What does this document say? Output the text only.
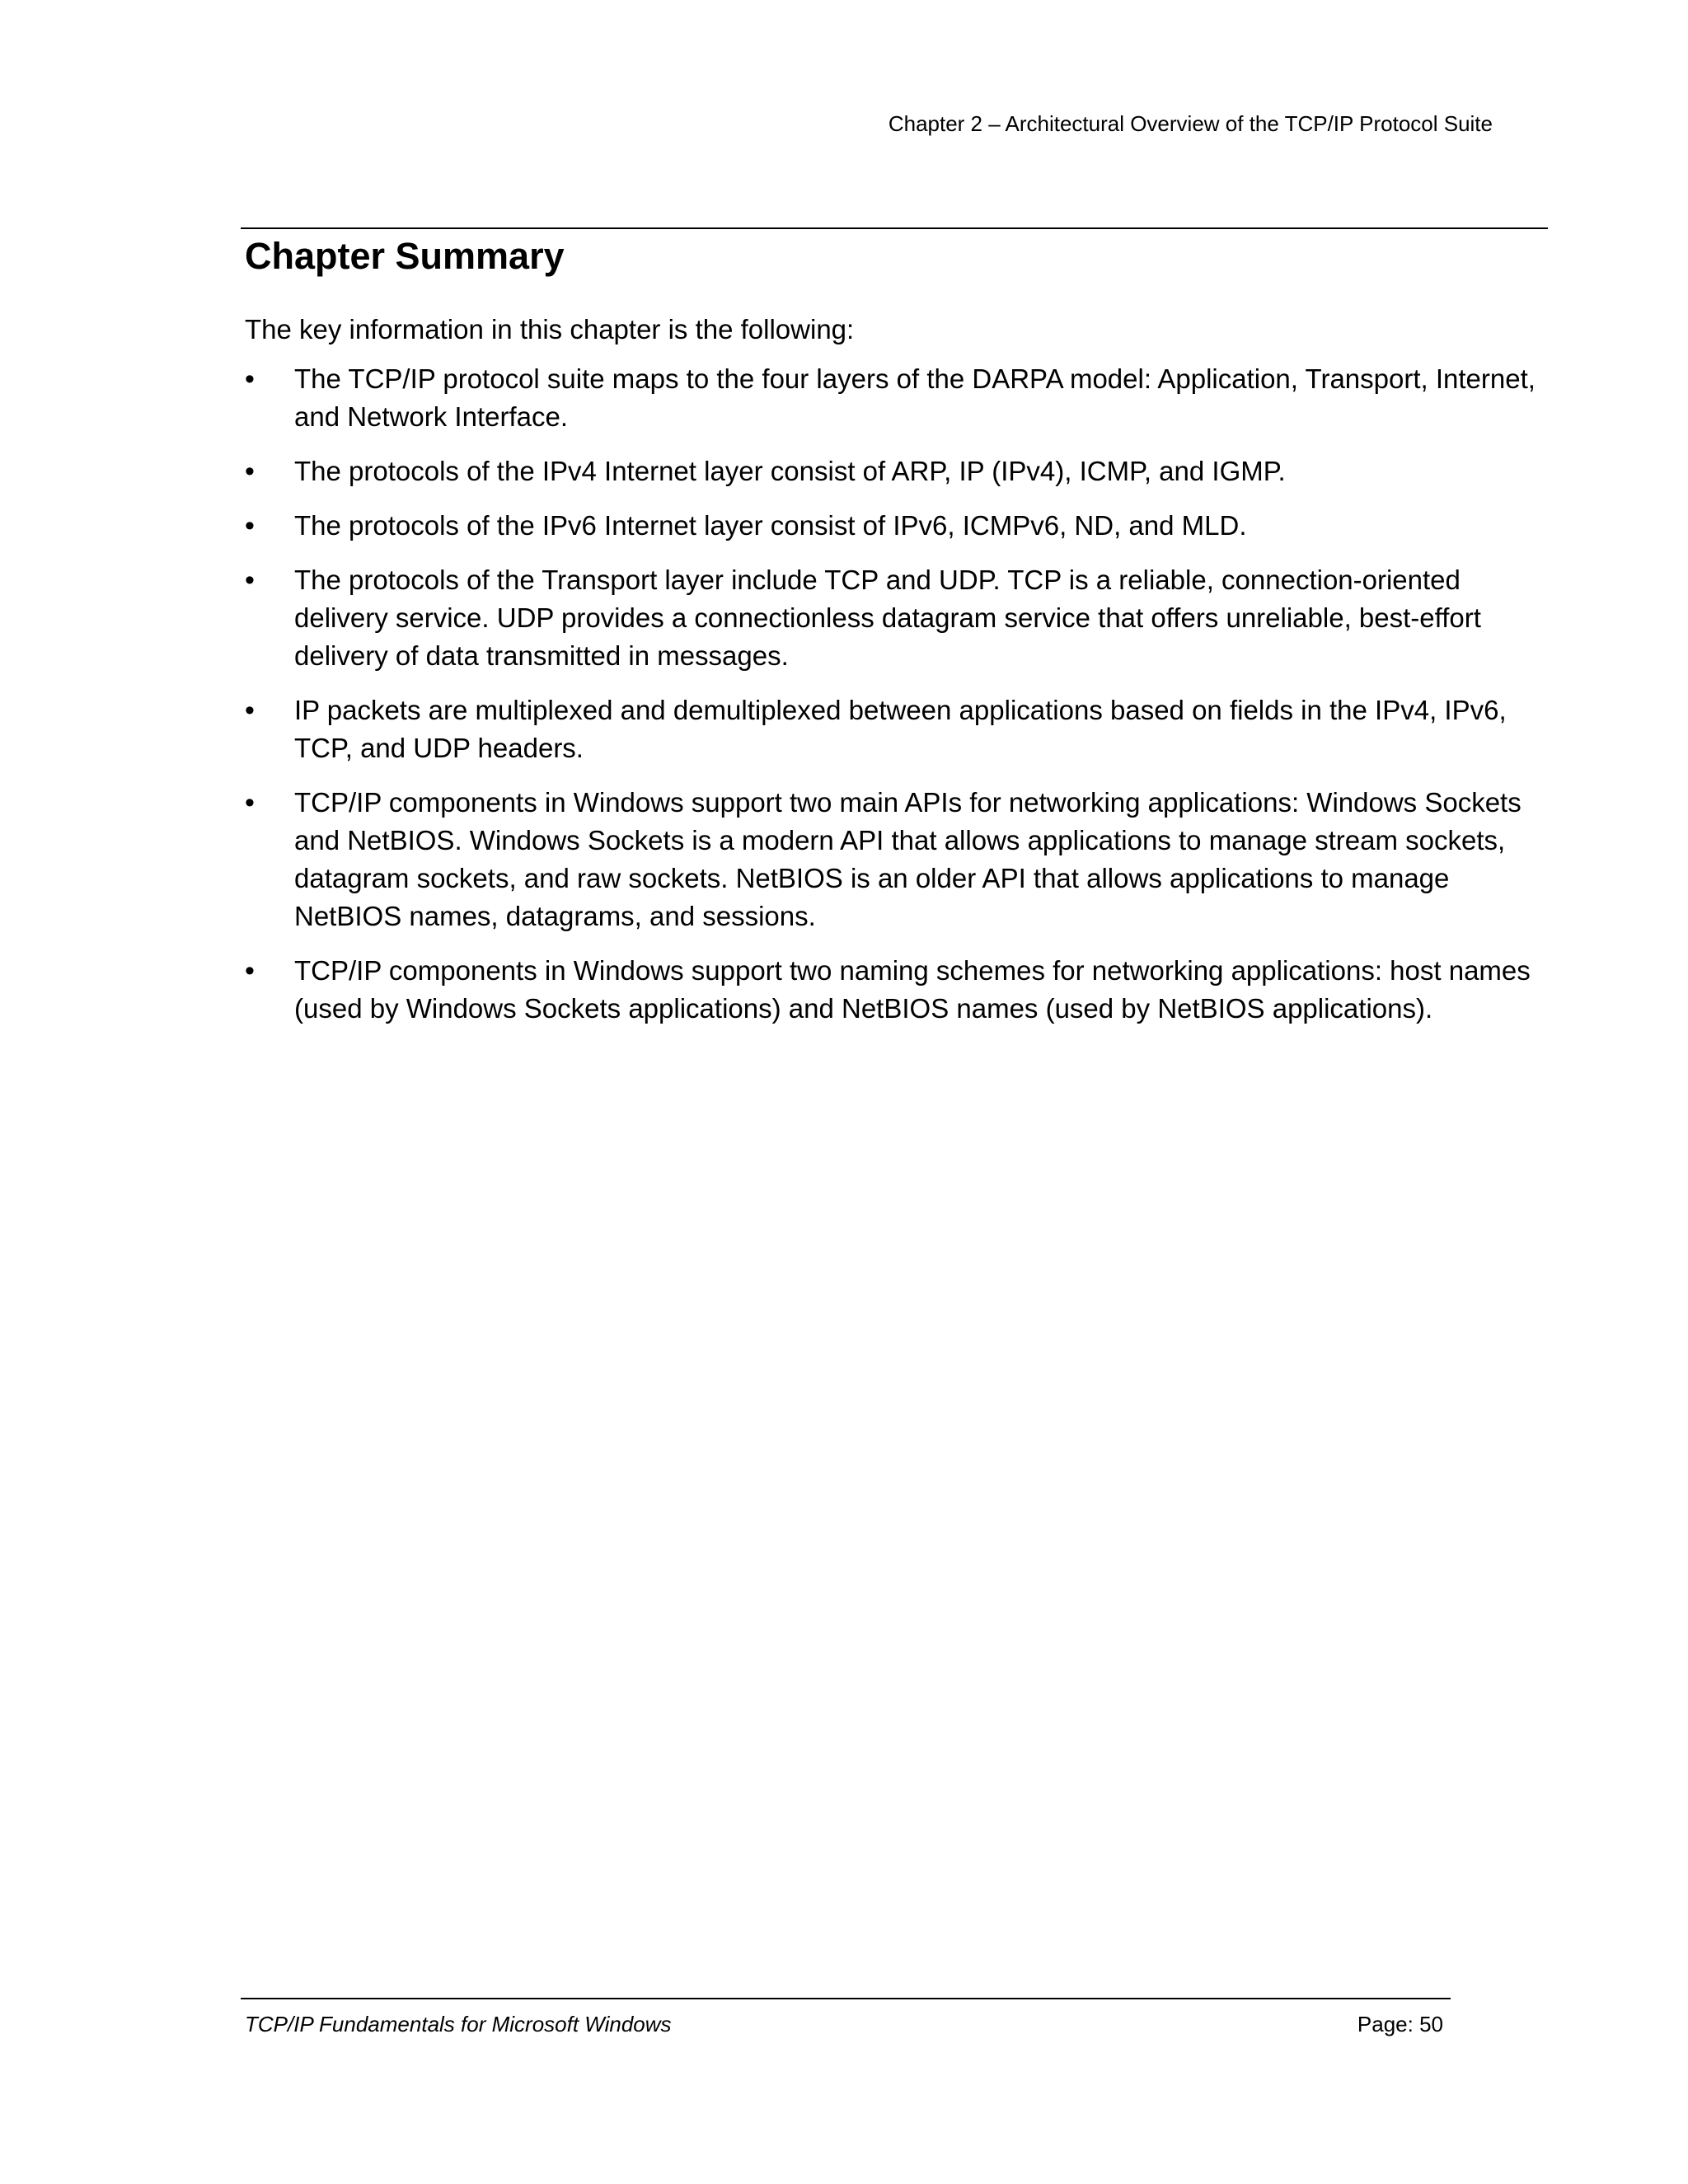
Chapter 2 – Architectural Overview of the TCP/IP Protocol Suite
Chapter Summary

The key information in this chapter is the following:

•	The TCP/IP protocol suite maps to the four layers of the DARPA model: Application, Transport, Internet, and Network Interface.
•	The protocols of the IPv4 Internet layer consist of ARP, IP (IPv4), ICMP, and IGMP.
•	The protocols of the IPv6 Internet layer consist of IPv6, ICMPv6, ND, and MLD.
•	The protocols of the Transport layer include TCP and UDP. TCP is a reliable, connection-oriented delivery service. UDP provides a connectionless datagram service that offers unreliable, best-effort delivery of data transmitted in messages.
•	IP packets are multiplexed and demultiplexed between applications based on fields in the IPv4, IPv6, TCP, and UDP headers.
•	TCP/IP components in Windows support two main APIs for networking applications: Windows Sockets and NetBIOS. Windows Sockets is a modern API that allows applications to manage stream sockets, datagram sockets, and raw sockets. NetBIOS is an older API that allows applications to manage NetBIOS names, datagrams, and sessions.
•	TCP/IP components in Windows support two naming schemes for networking applications: host names (used by Windows Sockets applications) and NetBIOS names (used by NetBIOS applications).
TCP/IP Fundamentals for Microsoft Windows	Page: 50
